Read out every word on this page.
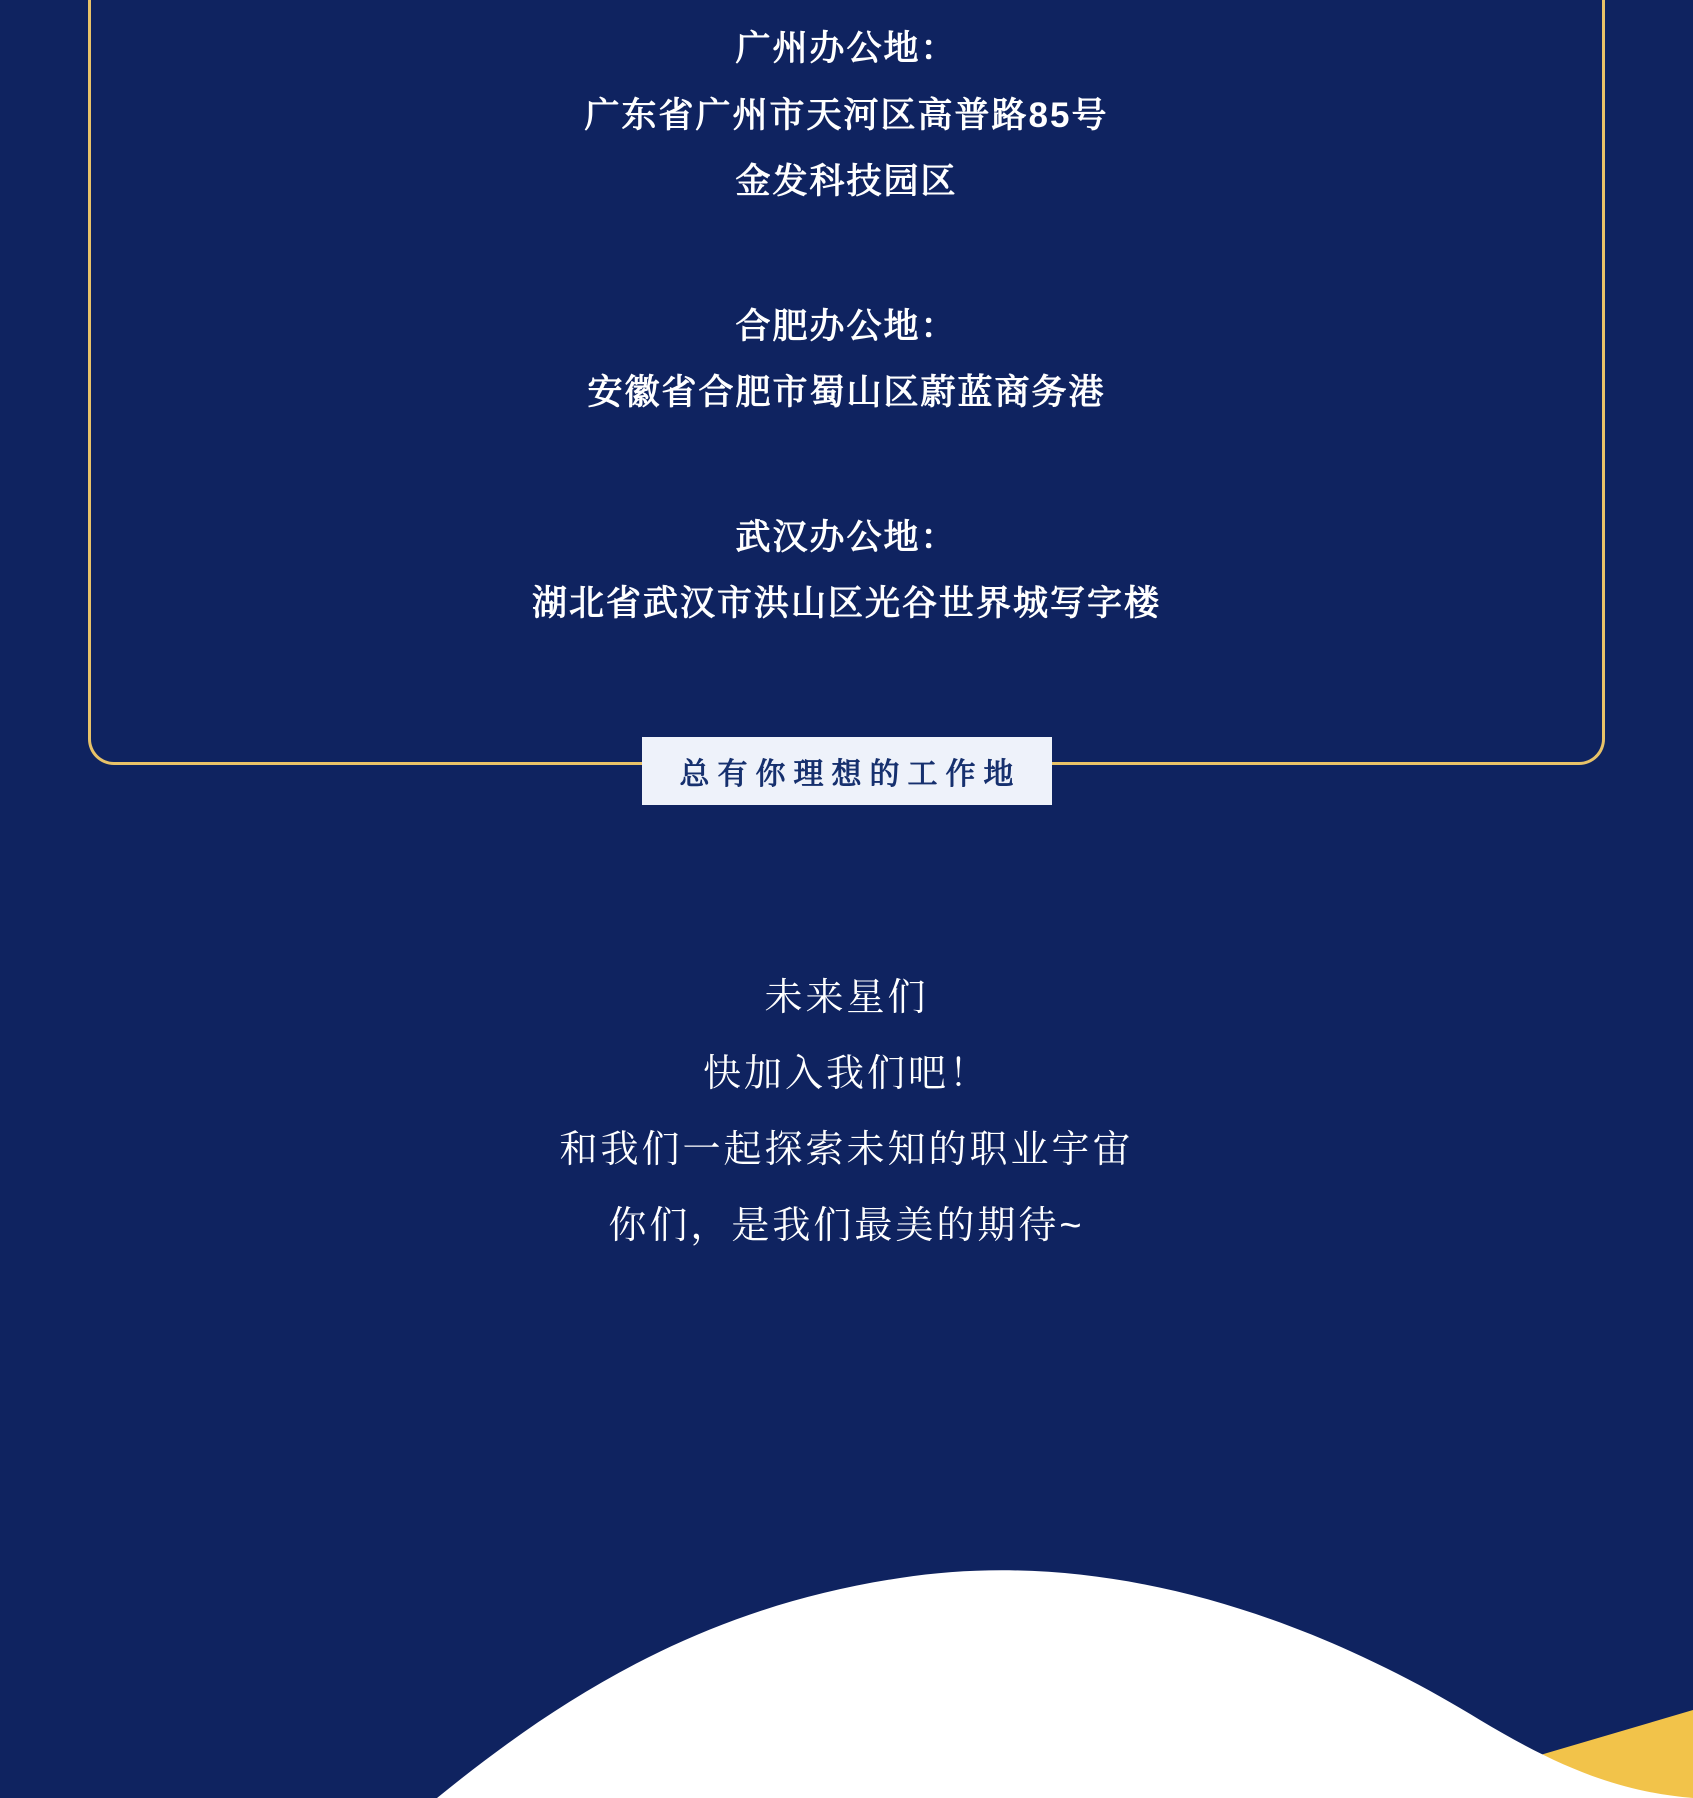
广州办公地：
广东省广州市天河区高普路85号
金发科技园区
合肥办公地：
安徽省合肥市蜀山区蔚蓝商务港
武汉办公地：
湖北省武汉市洪山区光谷世界城写字楼
总有你理想的工作地
未来星们
快加入我们吧！
和我们一起探索未知的职业宇宙
你们，是我们最美的期待~
